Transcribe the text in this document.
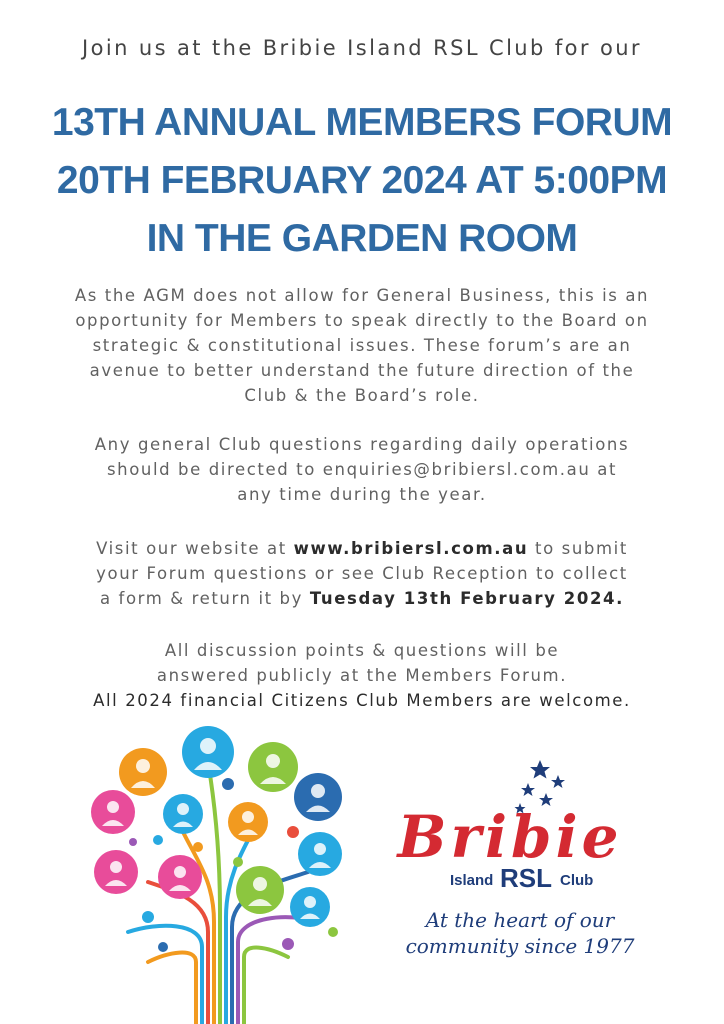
Join us at the Bribie Island RSL Club for our
13TH ANNUAL MEMBERS FORUM
20TH FEBRUARY 2024 AT 5:00PM
IN THE GARDEN ROOM
As the AGM does not allow for General Business, this is an
opportunity for Members to speak directly to the Board on
strategic & constitutional issues. These forum’s are an
avenue to better understand the future direction of the
Club & the Board’s role.
Any general Club questions regarding daily operations
should be directed to enquiries@bribiersl.com.au at
any time during the year.
Visit our website at www.bribiersl.com.au to submit
your Forum questions or see Club Reception to collect
a form & return it by Tuesday 13th February 2024.
All discussion points & questions will be
answered publicly at the Members Forum.
All 2024 financial Citizens Club Members are welcome.
Bribie
Island RSL Club
At the heart of our
community since 1977
